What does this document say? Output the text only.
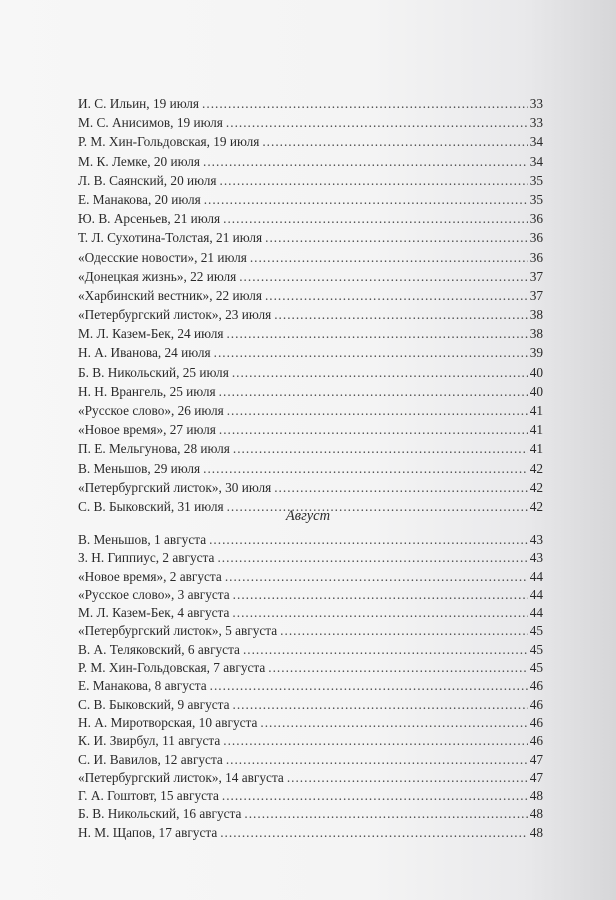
И. С. Ильин, 19 июля .....	33
М. С. Анисимов, 19 июля .....	33
Р. М. Хин-Гольдовская, 19 июля .....	34
М. К. Лемке, 20 июля .....	34
Л. В. Саянский, 20 июля .....	35
Е. Манакова, 20 июля .....	35
Ю. В. Арсеньев, 21 июля .....	36
Т. Л. Сухотина-Толстая, 21 июля .....	36
«Одесские новости», 21 июля .....	36
«Донецкая жизнь», 22 июля .....	37
«Харбинский вестник», 22 июля .....	37
«Петербургский листок», 23 июля .....	38
М. Л. Казем-Бек, 24 июля .....	38
Н. А. Иванова, 24 июля .....	39
Б. В. Никольский, 25 июля .....	40
Н. Н. Врангель, 25 июля .....	40
«Русское слово», 26 июля .....	41
«Новое время», 27 июля .....	41
П. Е. Мельгунова, 28 июля .....	41
В. Меньшов, 29 июля .....	42
«Петербургский листок», 30 июля .....	42
С. В. Быковский, 31 июля .....	42
Август
В. Меньшов, 1 августа .....	43
З. Н. Гиппиус, 2 августа .....	43
«Новое время», 2 августа .....	44
«Русское слово», 3 августа .....	44
М. Л. Казем-Бек, 4 августа .....	44
«Петербургский листок», 5 августа .....	45
В. А. Теляковский, 6 августа .....	45
Р. М. Хин-Гольдовская, 7 августа .....	45
Е. Манакова, 8 августа .....	46
С. В. Быковский, 9 августа .....	46
Н. А. Миротворская, 10 августа .....	46
К. И. Звирбул, 11 августа .....	46
С. И. Вавилов, 12 августа .....	47
«Петербургский листок», 14 августа .....	47
Г. А. Гоштовт, 15 августа .....	48
Б. В. Никольский, 16 августа .....	48
Н. М. Щапов, 17 августа .....	48
